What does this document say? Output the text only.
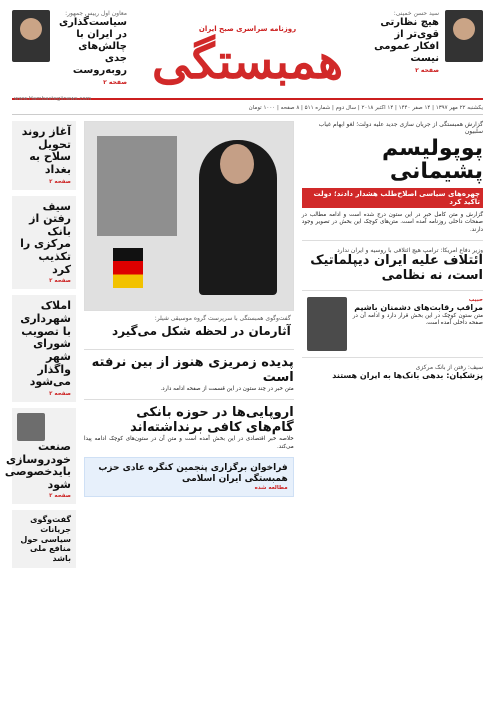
سید حسن خمینی:
هیچ نظارتی قوی‌تر از افکار عمومی نیست
صفحه ۲
روزنامه سراسری صبح ایران
همبستگی
معاون اول رییس جمهور:
سیاست‌گذاری در ایران با چالش‌های جدی روبه‌روست
صفحه ۲
www.Hambastegiinews.com
یکشنبه ۲۲ مهر ۱۳۹۷ | ۱۴ صفر ۱۴۴۰ | ۱۴ اکتبر ۲۰۱۸ | سال دوم | شماره ۵۱۱ | ۸ صفحه | ۱۰۰۰ تومان
گزارش همبستگی از جریان سازی جدید علیه دولت؛ لغو ابهام غیاب سلبیون
پوپولیسم پشیمانی
چهره‌های سیاسی اصلاح‌طلب هشدار دادند؛ دولت تاکید کرد
گزارش و متن کامل خبر در این ستون درج شده است و ادامه مطالب در صفحات داخلی روزنامه آمده است. متن‌های کوچک این بخش در تصویر وجود دارند.
وزیر دفاع امریکا: ترامپ هیچ ائتلافی با روسیه و ایران ندارد
ائتلاف علیه ایران دیپلماتیک است، نه نظامی
حبیب
مراقب رقابت‌های دشمنان باشیم
متن ستون کوچک در این بخش قرار دارد و ادامه آن در صفحه داخلی آمده است.
سیف: رفتن از بانک مرکزی
پزشکیان: بدهی بانک‌ها به ایران هستند
گفت‌وگوی همبستگی با سرپرست گروه موسیقی شیلر:
آثارمان در لحظه شکل می‌گیرد
پدیده زمریزی هنوز از بین نرفته است
متن خبر در چند ستون در این قسمت از صفحه ادامه دارد.
اروپایی‌ها در حوزه بانکی گام‌های کافی برنداشته‌اند
خلاصه خبر اقتصادی در این بخش آمده است و متن آن در ستون‌های کوچک ادامه پیدا می‌کند.
فراخوان برگزاری پنجمین کنگره عادی حزب همبستگی ایران اسلامی
مطالعه شده
آغاز روند تحویل سلاح به بغداد
صفحه ۲
سیف رفتن از بانک مرکزی را تکذیب کرد
صفحه ۲
املاک شهرداری با تصویب شورای شهر واگذار می‌شود
صفحه ۲
صنعت خودروسازی بایدخصوصی شود
صفحه ۲
گفت‌وگوی جریانات سیاسی حول منافع ملی باشد
